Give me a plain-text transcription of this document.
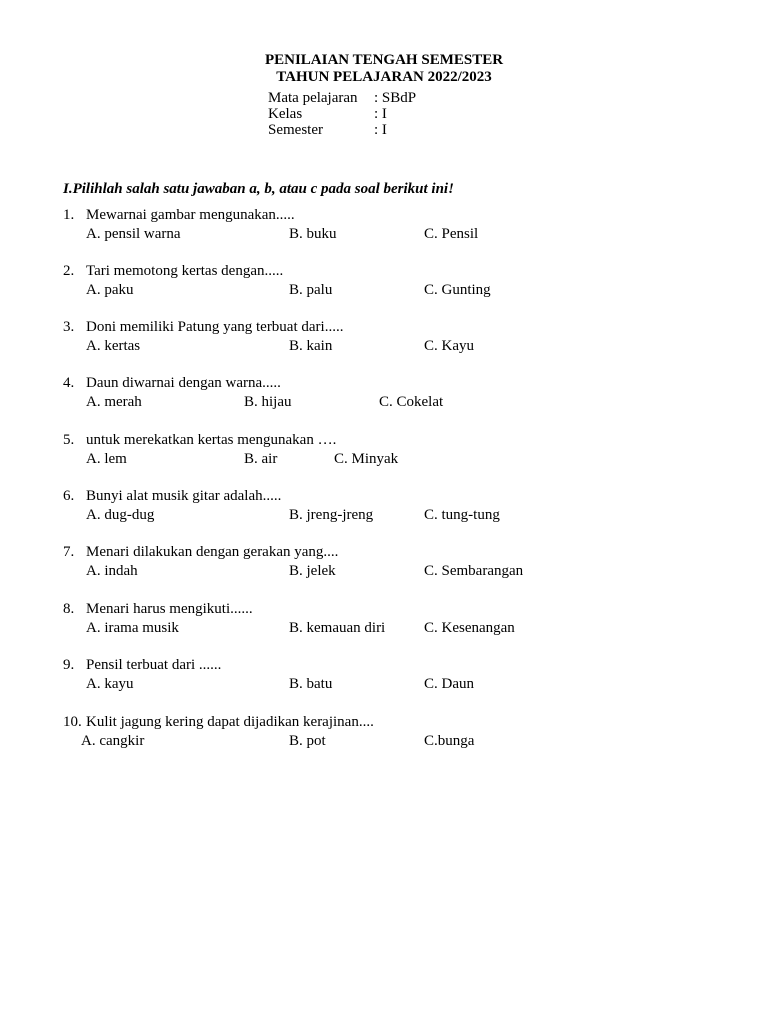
PENILAIAN TENGAH SEMESTER
TAHUN PELAJARAN 2022/2023
Mata pelajaran : SBdP
Kelas	: I
Semester	: I
I.Pilihlah salah satu jawaban a, b, atau c pada soal berikut ini!
1. Mewarnai gambar mengunakan.....
A. pensil warna	B. buku	C. Pensil
2. Tari memotong kertas dengan.....
A. paku	B. palu	C. Gunting
3. Doni memiliki Patung yang terbuat dari.....
A. kertas	B. kain	C. Kayu
4. Daun diwarnai dengan warna.....
A. merah	B. hijau	C. Cokelat
5. untuk merekatkan kertas mengunakan ….
A. lem	B. air	C. Minyak
6. Bunyi alat musik gitar adalah.....
A. dug-dug	B. jreng-jreng	C. tung-tung
7. Menari dilakukan dengan gerakan yang....
A. indah	B. jelek	C. Sembarangan
8. Menari harus mengikuti......
A. irama musik	B. kemauan diri	C. Kesenangan
9. Pensil terbuat dari ......
A. kayu	B. batu	C. Daun
10. Kulit jagung kering dapat dijadikan kerajinan....
A. cangkir	B. pot	C.bunga
